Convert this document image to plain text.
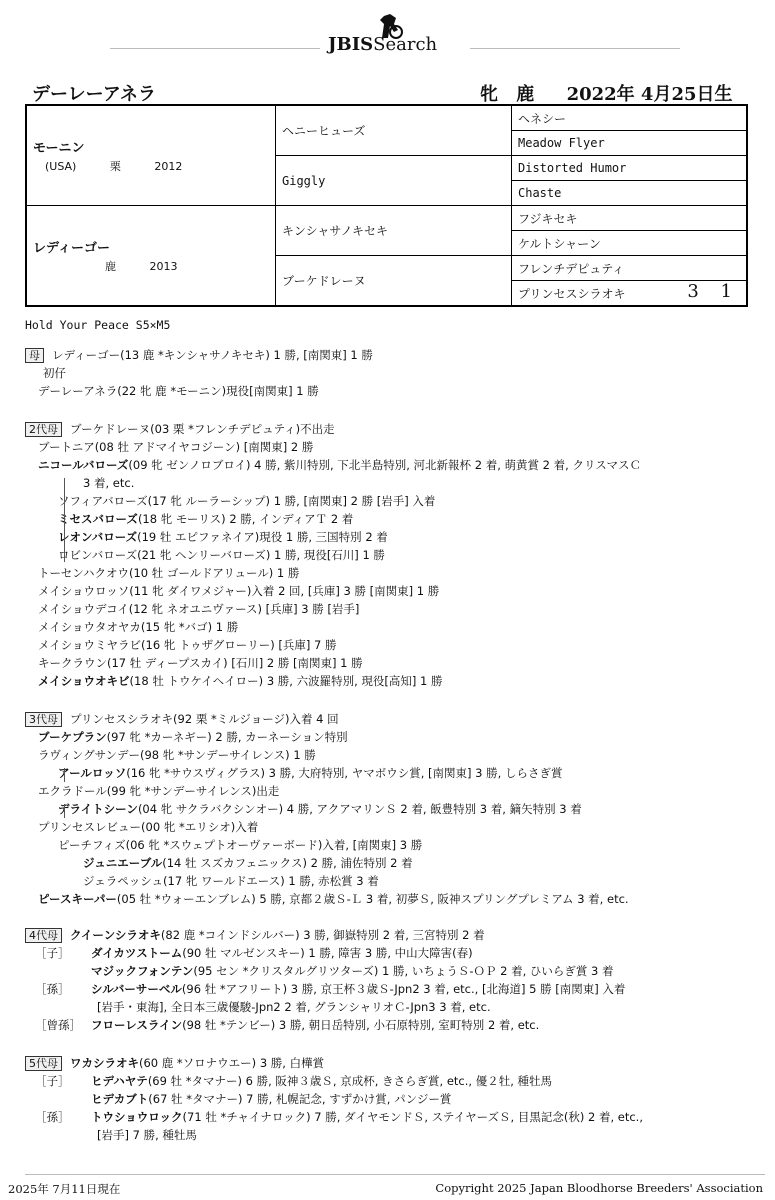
JBISSearch
デーレーアネラ	牝 鹿 2022年 4月25日生
モーニン
(USA) 栗 2012	ヘニーヒューズ	ヘネシー
		Meadow Flyer
	Giggly	Distorted Humor
		Chaste

レディーゴー
鹿 2013	キンシャサノキセキ	フジキセキ
		ケルトシャーン
	ブーケドレーヌ	フレンチデピュティ
		プリンセスシラオキ 3 1
Hold Your Peace S5×M5
母 レディーゴー(13 鹿 *キンシャサノキセキ) 1 勝, [南関東] 1 勝
初仔
デーレーアネラ(22 牝 鹿 *モーニン)現役[南関東] 1 勝
2代母 ブーケドレーヌ(03 栗 *フレンチデピュティ)不出走
ブートニア(08 牡 アドマイヤコジーン) [南関東] 2 勝
ニコールバローズ(09 牝 ゼンノロブロイ) 4 勝, 紫川特別, 下北半島特別, 河北新報杯 2 着, 萌黄賞 2 着, クリスマスＣ
3 着, etc.
ソフィアバローズ(17 牝 ルーラーシップ) 1 勝, [南関東] 2 勝 [岩手] 入着
ミセスバローズ(18 牝 モーリス) 2 勝, インディアＴ 2 着
レオンバローズ(19 牡 エピファネイア)現役 1 勝, 三国特別 2 着
ロビンバローズ(21 牝 ヘンリーバローズ) 1 勝, 現役[石川] 1 勝
トーセンハクオウ(10 牡 ゴールドアリュール) 1 勝
メイショウロッソ(11 牝 ダイワメジャー)入着 2 回, [兵庫] 3 勝 [南関東] 1 勝
メイショウデコイ(12 牝 ネオユニヴァース) [兵庫] 3 勝 [岩手]
メイショウタオヤカ(15 牝 *バゴ) 1 勝
メイショウミヤラビ(16 牝 トゥザグローリー) [兵庫] 7 勝
キークラウン(17 牡 ディープスカイ) [石川] 2 勝 [南関東] 1 勝
メイショウオキビ(18 牡 トウケイヘイロー) 3 勝, 六波羅特別, 現役[高知] 1 勝
3代母 プリンセスシラオキ(92 栗 *ミルジョージ)入着 4 回
ブーケプラン(97 牝 *カーネギー) 2 勝, カーネーション特別
ラヴィングサンデー(98 牝 *サンデーサイレンス) 1 勝
アールロッソ(16 牝 *サウスヴィグラス) 3 勝, 大府特別, ヤマボウシ賞, [南関東] 3 勝, しらさぎ賞
エクラドール(99 牝 *サンデーサイレンス)出走
デライトシーン(04 牝 サクラバクシンオー) 4 勝, アクアマリンＳ 2 着, 飯豊特別 3 着, 鏑矢特別 3 着
プリンセスレビュー(00 牝 *エリシオ)入着
ピーチフィズ(06 牝 *スウェプトオーヴァーボード)入着, [南関東] 3 勝
ジュニエーブル(14 牡 スズカフェニックス) 2 勝, 浦佐特別 2 着
ジェラペッシュ(17 牝 ワールドエース) 1 勝, 赤松賞 3 着
ピースキーパー(05 牡 *ウォーエンブレム) 5 勝, 京都２歳Ｓ-Ｌ 3 着, 初夢Ｓ, 阪神スプリングプレミアム 3 着, etc.
4代母 クイーンシラオキ(82 鹿 *コインドシルバー) 3 勝, 御嶽特別 2 着, 三宮特別 2 着
［子］ ダイカツストーム(90 牡 マルゼンスキー) 1 勝, 障害 3 勝, 中山大障害(春)
マジックフォンテン(95 セン *クリスタルグリツターズ) 1 勝, いちょうＳ-ＯＰ 2 着, ひいらぎ賞 3 着
［孫］ シルバーサーベル(96 牡 *アフリート) 3 勝, 京王杯３歳Ｓ-Jpn2 3 着, etc., [北海道] 5 勝 [南関東] 入着
[岩手・東海], 全日本三歳優駿-Jpn2 2 着, グランシャリオＣ-Jpn3 3 着, etc.
［曾孫］ フローレスライン(98 牡 *テンビー) 3 勝, 朝日岳特別, 小石原特別, 室町特別 2 着, etc.
5代母 ワカシラオキ(60 鹿 *ソロナウエー) 3 勝, 白樺賞
［子］ ヒデハヤテ(69 牡 *タマナー) 6 勝, 阪神３歳Ｓ, 京成杯, きさらぎ賞, etc., 優２牡, 種牡馬
ヒデカブト(67 牡 *タマナー) 7 勝, 札幌記念, すずかけ賞, パンジー賞
［孫］ トウショウロック(71 牡 *チャイナロック) 7 勝, ダイヤモンドＳ, ステイヤーズＳ, 目黒記念(秋) 2 着, etc.,
[岩手] 7 勝, 種牡馬
2025年 7月11日現在	Copyright 2025 Japan Bloodhorse Breeders' Association
